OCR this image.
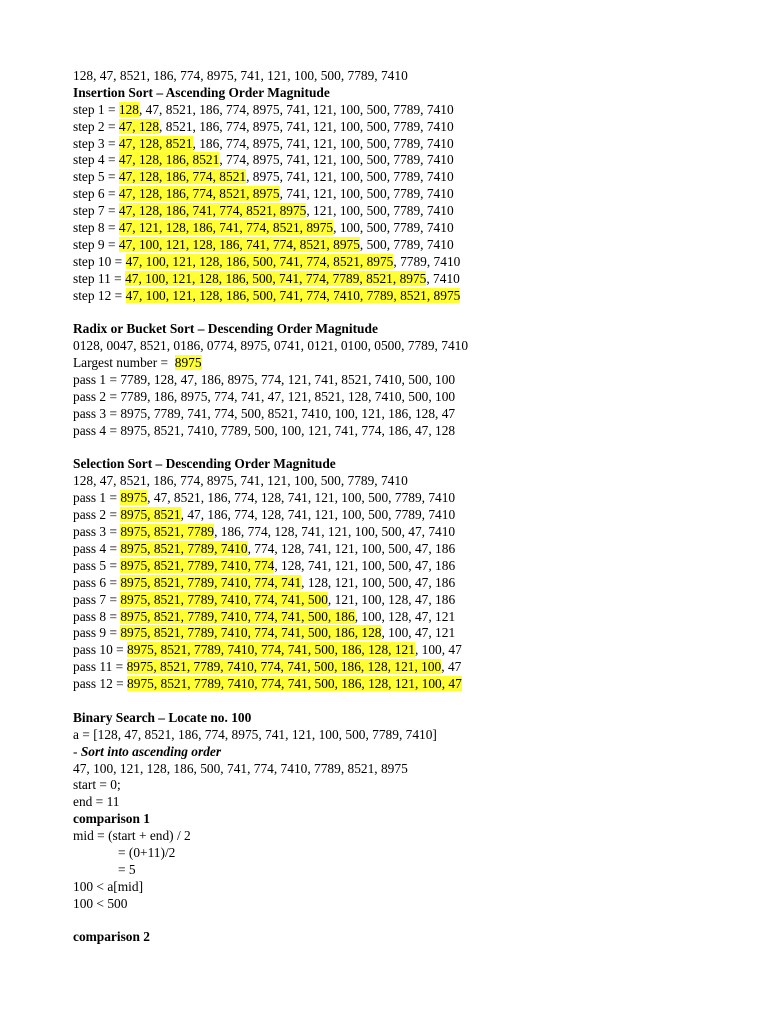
128, 47, 8521, 186, 774, 8975, 741, 121, 100, 500, 7789, 7410
Insertion Sort – Ascending Order Magnitude
step 1 = 128, 47, 8521, 186, 774, 8975, 741, 121, 100, 500, 7789, 7410
step 2 = 47, 128, 8521, 186, 774, 8975, 741, 121, 100, 500, 7789, 7410
step 3 = 47, 128, 8521, 186, 774, 8975, 741, 121, 100, 500, 7789, 7410
step 4 = 47, 128, 186, 8521, 774, 8975, 741, 121, 100, 500, 7789, 7410
step 5 = 47, 128, 186, 774, 8521, 8975, 741, 121, 100, 500, 7789, 7410
step 6 = 47, 128, 186, 774, 8521, 8975, 741, 121, 100, 500, 7789, 7410
step 7 = 47, 128, 186, 741, 774, 8521, 8975, 121, 100, 500, 7789, 7410
step 8 = 47, 121, 128, 186, 741, 774, 8521, 8975, 100, 500, 7789, 7410
step 9 = 47, 100, 121, 128, 186, 741, 774, 8521, 8975, 500, 7789, 7410
step 10 = 47, 100, 121, 128, 186, 500, 741, 774, 8521, 8975, 7789, 7410
step 11 = 47, 100, 121, 128, 186, 500, 741, 774, 7789, 8521, 8975, 7410
step 12 = 47, 100, 121, 128, 186, 500, 741, 774, 7410, 7789, 8521, 8975
Radix or Bucket Sort – Descending Order Magnitude
0128, 0047, 8521, 0186, 0774, 8975, 0741, 0121, 0100, 0500, 7789, 7410
Largest number =  8975
pass 1 = 7789, 128, 47, 186, 8975, 774, 121, 741, 8521, 7410, 500, 100
pass 2 = 7789, 186, 8975, 774, 741, 47, 121, 8521, 128, 7410, 500, 100
pass 3 = 8975, 7789, 741, 774, 500, 8521, 7410, 100, 121, 186, 128, 47
pass 4 = 8975, 8521, 7410, 7789, 500, 100, 121, 741, 774, 186, 47, 128
Selection Sort – Descending Order Magnitude
128, 47, 8521, 186, 774, 8975, 741, 121, 100, 500, 7789, 7410
pass 1 = 8975, 47, 8521, 186, 774, 128, 741, 121, 100, 500, 7789, 7410
pass 2 = 8975, 8521, 47, 186, 774, 128, 741, 121, 100, 500, 7789, 7410
pass 3 = 8975, 8521, 7789, 186, 774, 128, 741, 121, 100, 500, 47, 7410
pass 4 = 8975, 8521, 7789, 7410, 774, 128, 741, 121, 100, 500, 47, 186
pass 5 = 8975, 8521, 7789, 7410, 774, 128, 741, 121, 100, 500, 47, 186
pass 6 = 8975, 8521, 7789, 7410, 774, 741, 128, 121, 100, 500, 47, 186
pass 7 = 8975, 8521, 7789, 7410, 774, 741, 500, 121, 100, 128, 47, 186
pass 8 = 8975, 8521, 7789, 7410, 774, 741, 500, 186, 100, 128, 47, 121
pass 9 = 8975, 8521, 7789, 7410, 774, 741, 500, 186, 128, 100, 47, 121
pass 10 = 8975, 8521, 7789, 7410, 774, 741, 500, 186, 128, 121, 100, 47
pass 11 = 8975, 8521, 7789, 7410, 774, 741, 500, 186, 128, 121, 100, 47
pass 12 = 8975, 8521, 7789, 7410, 774, 741, 500, 186, 128, 121, 100, 47
Binary Search – Locate no. 100
a = [128, 47, 8521, 186, 774, 8975, 741, 121, 100, 500, 7789, 7410]
- Sort into ascending order
47, 100, 121, 128, 186, 500, 741, 774, 7410, 7789, 8521, 8975
start = 0;
end = 11
comparison 1
mid = (start + end) / 2
= (0+11)/2
= 5
100 < a[mid]
100 < 500
comparison 2
